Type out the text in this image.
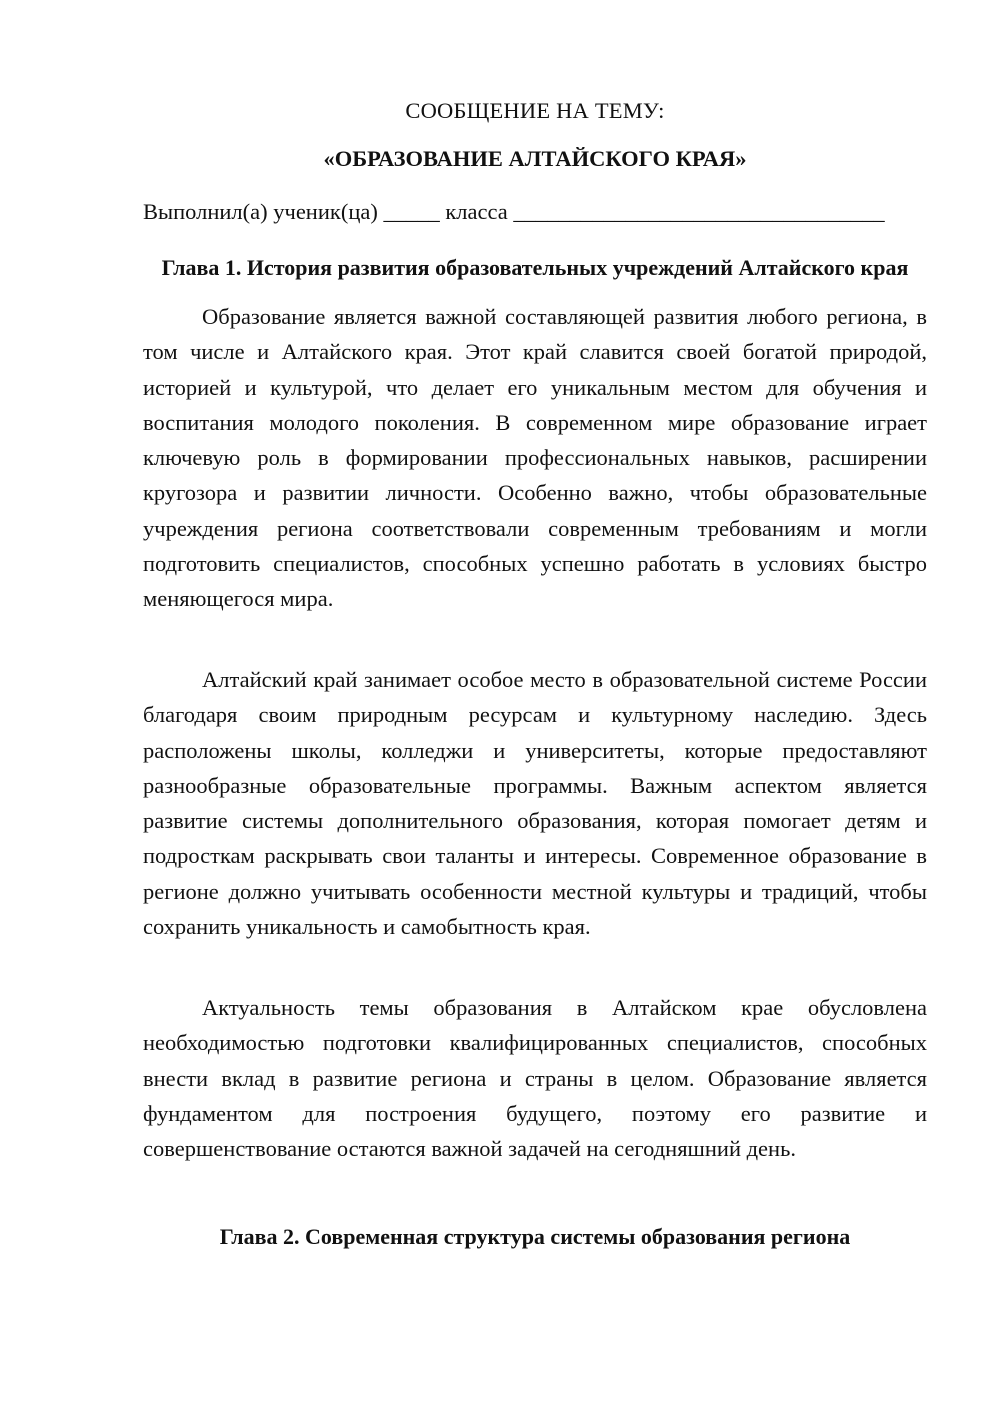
СООБЩЕНИЕ НА ТЕМУ:

«ОБРАЗОВАНИЕ АЛТАЙСКОГО КРАЯ»

Выполнил(а) ученик(ца) _____ класса _________________________________

Глава 1. История развития образовательных учреждений Алтайского края

Образование является важной составляющей развития любого региона, в том числе и Алтайского края. Этот край славится своей богатой природой, историей и культурой, что делает его уникальным местом для обучения и воспитания молодого поколения. В современном мире образование играет ключевую роль в формировании профессиональных навыков, расширении кругозора и развитии личности. Особенно важно, чтобы образовательные учреждения региона соответствовали современным требованиям и могли подготовить специалистов, способных успешно работать в условиях быстро меняющегося мира.

Алтайский край занимает особое место в образовательной системе России благодаря своим природным ресурсам и культурному наследию. Здесь расположены школы, колледжи и университеты, которые предоставляют разнообразные образовательные программы. Важным аспектом является развитие системы дополнительного образования, которая помогает детям и подросткам раскрывать свои таланты и интересы. Современное образование в регионе должно учитывать особенности местной культуры и традиций, чтобы сохранить уникальность и самобытность края.

Актуальность темы образования в Алтайском крае обусловлена необходимостью подготовки квалифицированных специалистов, способных внести вклад в развитие региона и страны в целом. Образование является фундаментом для построения будущего, поэтому его развитие и совершенствование остаются важной задачей на сегодняшний день.

Глава 2. Современная структура системы образования региона
